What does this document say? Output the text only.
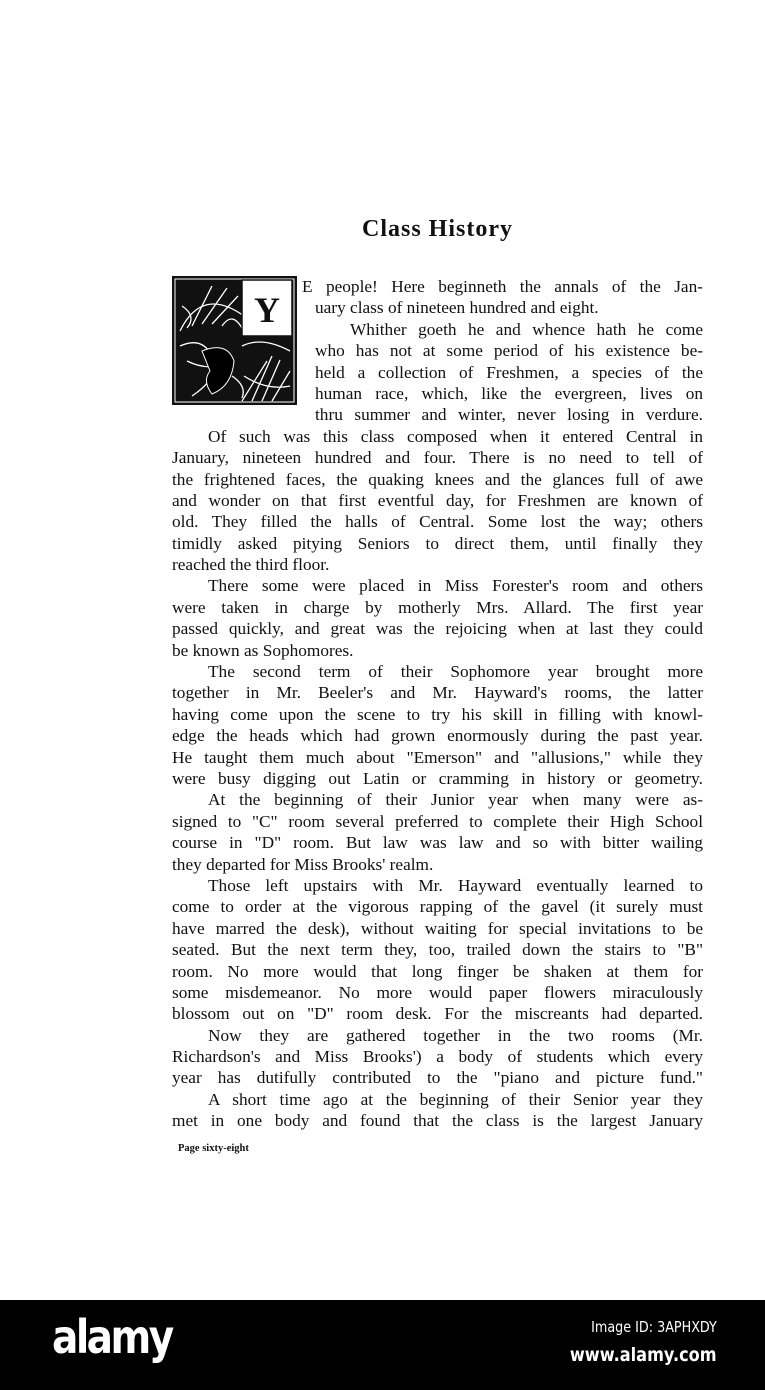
Class History
Y
E people! Here beginneth the annals of the Jan-
uary class of nineteen hundred and eight.
Whither goeth he and whence hath he come
who has not at some period of his existence be-
held a collection of Freshmen, a species of the
human race, which, like the evergreen, lives on
thru summer and winter, never losing in verdure.
Of such was this class composed when it entered Central in
January, nineteen hundred and four. There is no need to tell of
the frightened faces, the quaking knees and the glances full of awe
and wonder on that first eventful day, for Freshmen are known of
old. They filled the halls of Central. Some lost the way; others
timidly asked pitying Seniors to direct them, until finally they
reached the third floor.
There some were placed in Miss Forester's room and others
were taken in charge by motherly Mrs. Allard. The first year
passed quickly, and great was the rejoicing when at last they could
be known as Sophomores.
The second term of their Sophomore year brought more
together in Mr. Beeler's and Mr. Hayward's rooms, the latter
having come upon the scene to try his skill in filling with knowl-
edge the heads which had grown enormously during the past year.
He taught them much about "Emerson" and "allusions," while they
were busy digging out Latin or cramming in history or geometry.
At the beginning of their Junior year when many were as-
signed to "C" room several preferred to complete their High School
course in "D" room. But law was law and so with bitter wailing
they departed for Miss Brooks' realm.
Those left upstairs with Mr. Hayward eventually learned to
come to order at the vigorous rapping of the gavel (it surely must
have marred the desk), without waiting for special invitations to be
seated. But the next term they, too, trailed down the stairs to "B"
room. No more would that long finger be shaken at them for
some misdemeanor. No more would paper flowers miraculously
blossom out on "D" room desk. For the miscreants had departed.
Now they are gathered together in the two rooms (Mr.
Richardson's and Miss Brooks') a body of students which every
year has dutifully contributed to the "piano and picture fund."
A short time ago at the beginning of their Senior year they
met in one body and found that the class is the largest January
Page sixty-eight
alamy	Image ID: 3APHXDY
www.alamy.com
